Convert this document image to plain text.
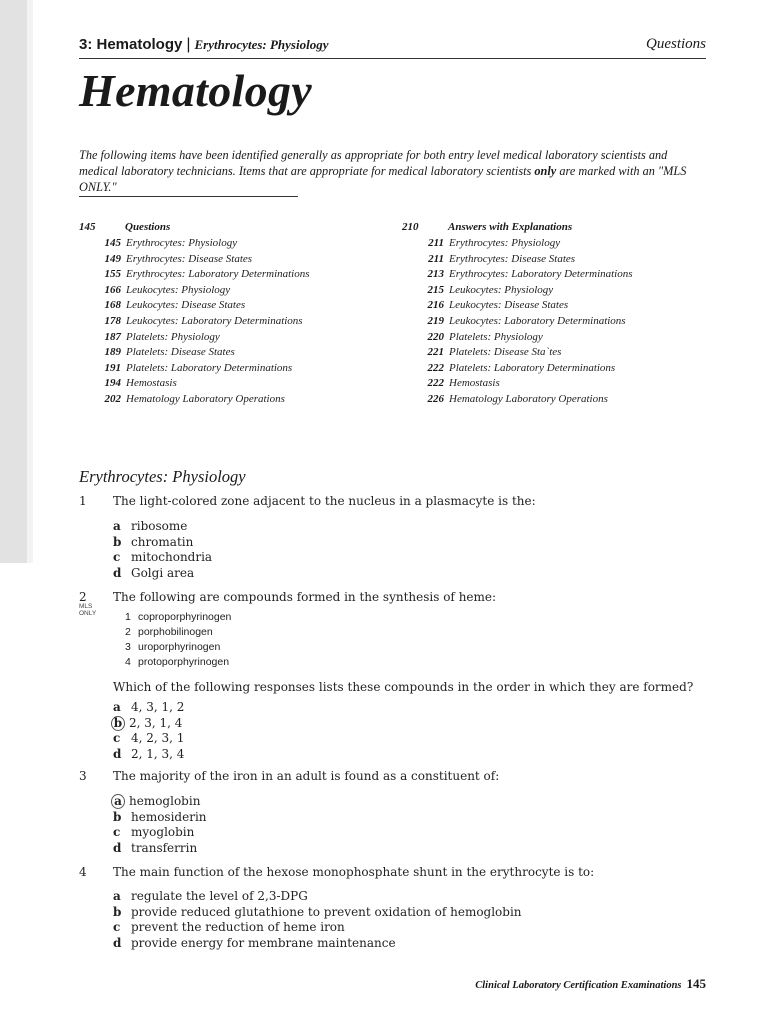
3: Hematology | Erythrocytes: Physiology	Questions
Hematology
The following items have been identified generally as appropriate for both entry level medical laboratory scientists and medical laboratory technicians. Items that are appropriate for medical laboratory scientists only are marked with an "MLS ONLY."
145	Questions
145 Erythrocytes: Physiology
149 Erythrocytes: Disease States
155 Erythrocytes: Laboratory Determinations
166 Leukocytes: Physiology
168 Leukocytes: Disease States
178 Leukocytes: Laboratory Determinations
187 Platelets: Physiology
189 Platelets: Disease States
191 Platelets: Laboratory Determinations
194 Hemostasis
202 Hematology Laboratory Operations
210	Answers with Explanations
211 Erythrocytes: Physiology
211 Erythrocytes: Disease States
213 Erythrocytes: Laboratory Determinations
215 Leukocytes: Physiology
216 Leukocytes: Disease States
219 Leukocytes: Laboratory Determinations
220 Platelets: Physiology
221 Platelets: Disease Sta`tes
222 Platelets: Laboratory Determinations
222 Hemostasis
226 Hematology Laboratory Operations
Erythrocytes: Physiology
1 The light-colored zone adjacent to the nucleus in a plasmacyte is the:
a ribosome
b chromatin
c mitochondria
d Golgi area
2
MLS ONLY
The following are compounds formed in the synthesis of heme:
1 coproporphyrinogen
2 porphobilinogen
3 uroporphyrinogen
4 protoporphyrinogen
Which of the following responses lists these compounds in the order in which they are formed?
a 4, 3, 1, 2
b 2, 3, 1, 4
c 4, 2, 3, 1
d 2, 1, 3, 4
3 The majority of the iron in an adult is found as a constituent of:
a hemoglobin
b hemosiderin
c myoglobin
d transferrin
4 The main function of the hexose monophosphate shunt in the erythrocyte is to:
a regulate the level of 2,3-DPG
b provide reduced glutathione to prevent oxidation of hemoglobin
c prevent the reduction of heme iron
d provide energy for membrane maintenance
Clinical Laboratory Certification Examinations 145
